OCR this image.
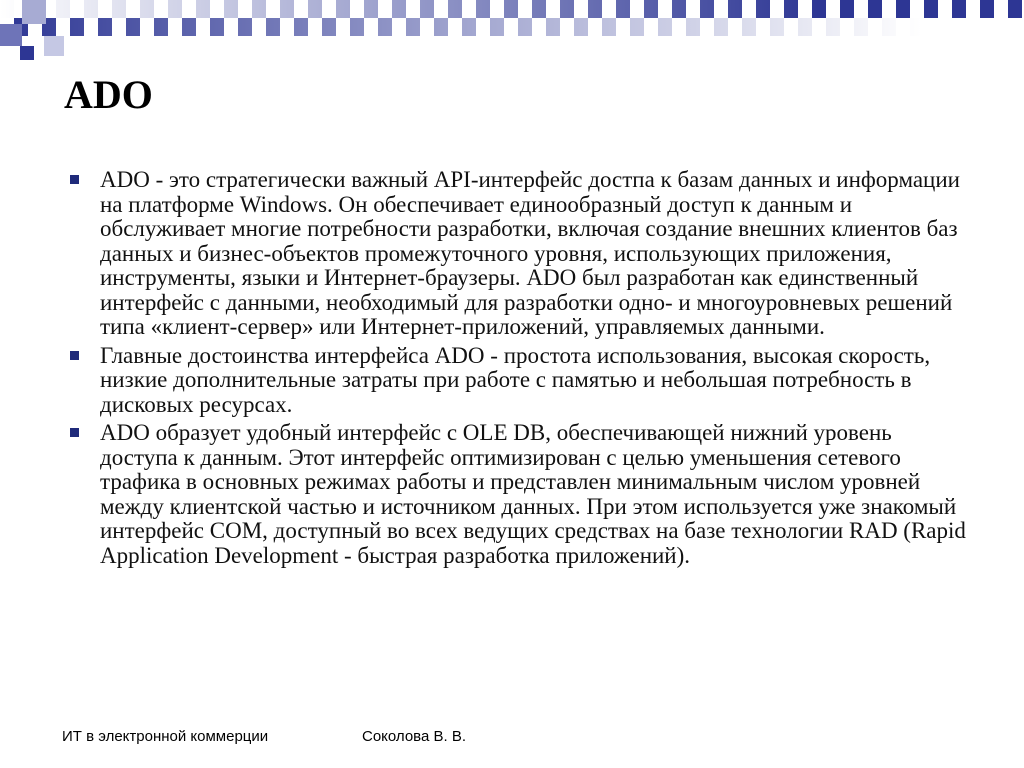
ADO
ADO - это стратегически важный API-интерфейс достпа к базам данных и информации на платформе Windows. Он обеспечивает единообразный доступ к данным и обслуживает многие потребности разработки, включая создание внешних клиентов баз данных и бизнес-объектов промежуточного уровня, использующих приложения, инструменты, языки и Интернет-браузеры. ADO был разработан как единственный интерфейс с данными, необходимый для разработки одно- и многоуровневых решений типа «клиент-сервер» или Интернет-приложений, управляемых данными.
Главные достоинства интерфейса ADO - простота использования, высокая скорость, низкие дополнительные затраты при работе с памятью и небольшая потребность в дисковых ресурсах.
ADO образует удобный интерфейс с OLE DB, обеспечивающей нижний уровень доступа к данным. Этот интерфейс оптимизирован с целью уменьшения сетевого трафика в основных режимах работы и представлен минимальным числом уровней между клиентской частью и источником данных. При этом используется уже знакомый интерфейс COM, доступный во всех ведущих средствах на базе технологии RAD (Rapid Application Development - быстрая разработка приложений).
ИТ в электронной коммерции	Соколова В. В.
